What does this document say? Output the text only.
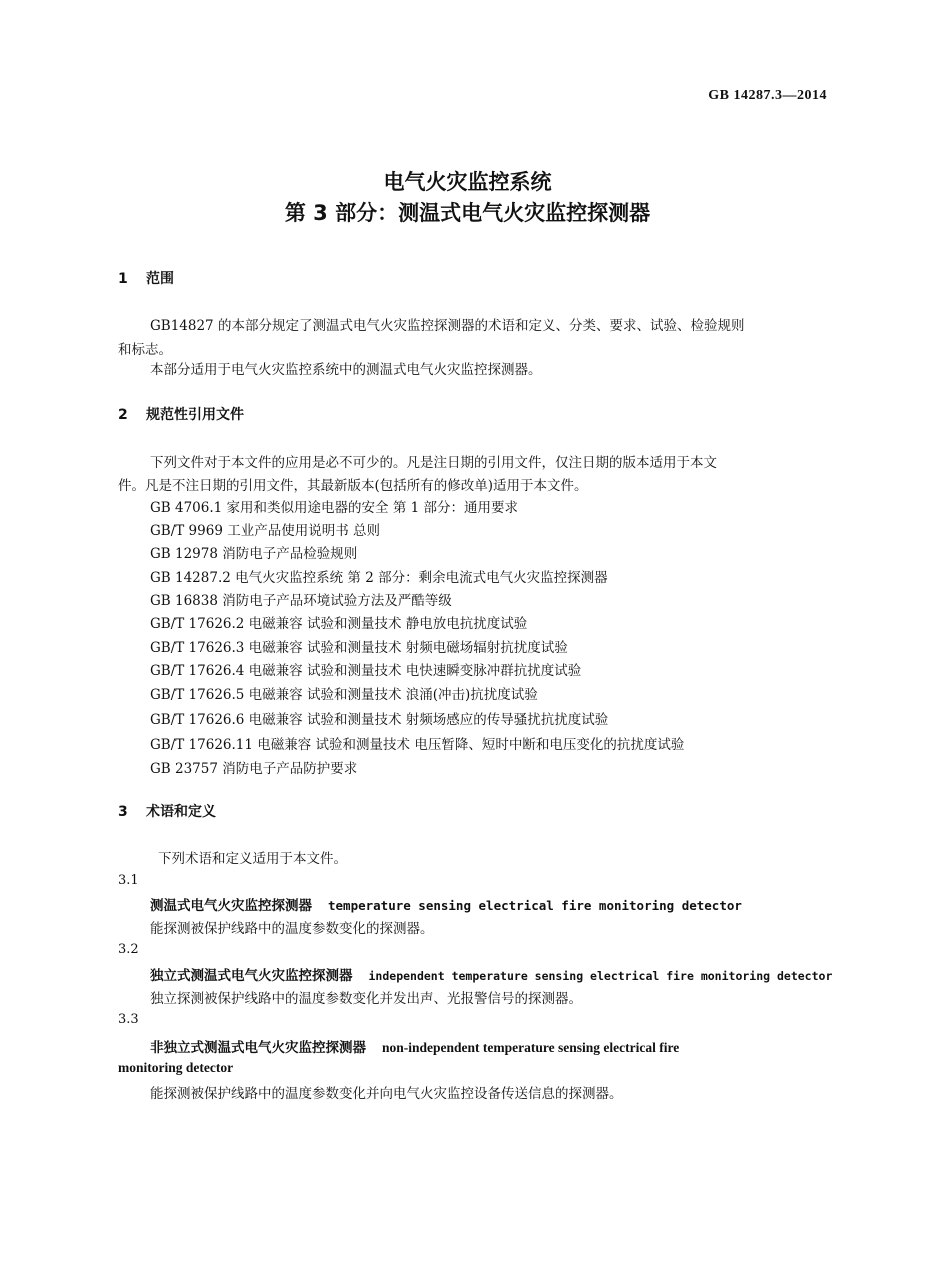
GB 14287.3—2014
电气火灾监控系统
第 3 部分：测温式电气火灾监控探测器
1 范围
GB14827 的本部分规定了测温式电气火灾监控探测器的术语和定义、分类、要求、试验、检验规则
和标志。
本部分适用于电气火灾监控系统中的测温式电气火灾监控探测器。
2 规范性引用文件
下列文件对于本文件的应用是必不可少的。凡是注日期的引用文件，仅注日期的版本适用于本文
件。凡是不注日期的引用文件，其最新版本(包括所有的修改单)适用于本文件。
GB 4706.1 家用和类似用途电器的安全 第 1 部分：通用要求
GB/T 9969 工业产品使用说明书 总则
GB 12978 消防电子产品检验规则
GB 14287.2 电气火灾监控系统 第 2 部分：剩余电流式电气火灾监控探测器
GB 16838 消防电子产品环境试验方法及严酷等级
GB/T 17626.2 电磁兼容 试验和测量技术 静电放电抗扰度试验
GB/T 17626.3 电磁兼容 试验和测量技术 射频电磁场辐射抗扰度试验
GB/T 17626.4 电磁兼容 试验和测量技术 电快速瞬变脉冲群抗扰度试验
GB/T 17626.5 电磁兼容 试验和测量技术 浪涌(冲击)抗扰度试验
GB/T 17626.6 电磁兼容 试验和测量技术 射频场感应的传导骚扰抗扰度试验
GB/T 17626.11 电磁兼容 试验和测量技术 电压暂降、短时中断和电压变化的抗扰度试验
GB 23757 消防电子产品防护要求
3 术语和定义
下列术语和定义适用于本文件。
3.1
测温式电气火灾监控探测器 temperature sensing electrical fire monitoring detector
能探测被保护线路中的温度参数变化的探测器。
3.2
独立式测温式电气火灾监控探测器 independent temperature sensing electrical fire monitoring detector
独立探测被保护线路中的温度参数变化并发出声、光报警信号的探测器。
3.3
非独立式测温式电气火灾监控探测器 non-independent temperature sensing electrical fire
monitoring detector
能探测被保护线路中的温度参数变化并向电气火灾监控设备传送信息的探测器。
